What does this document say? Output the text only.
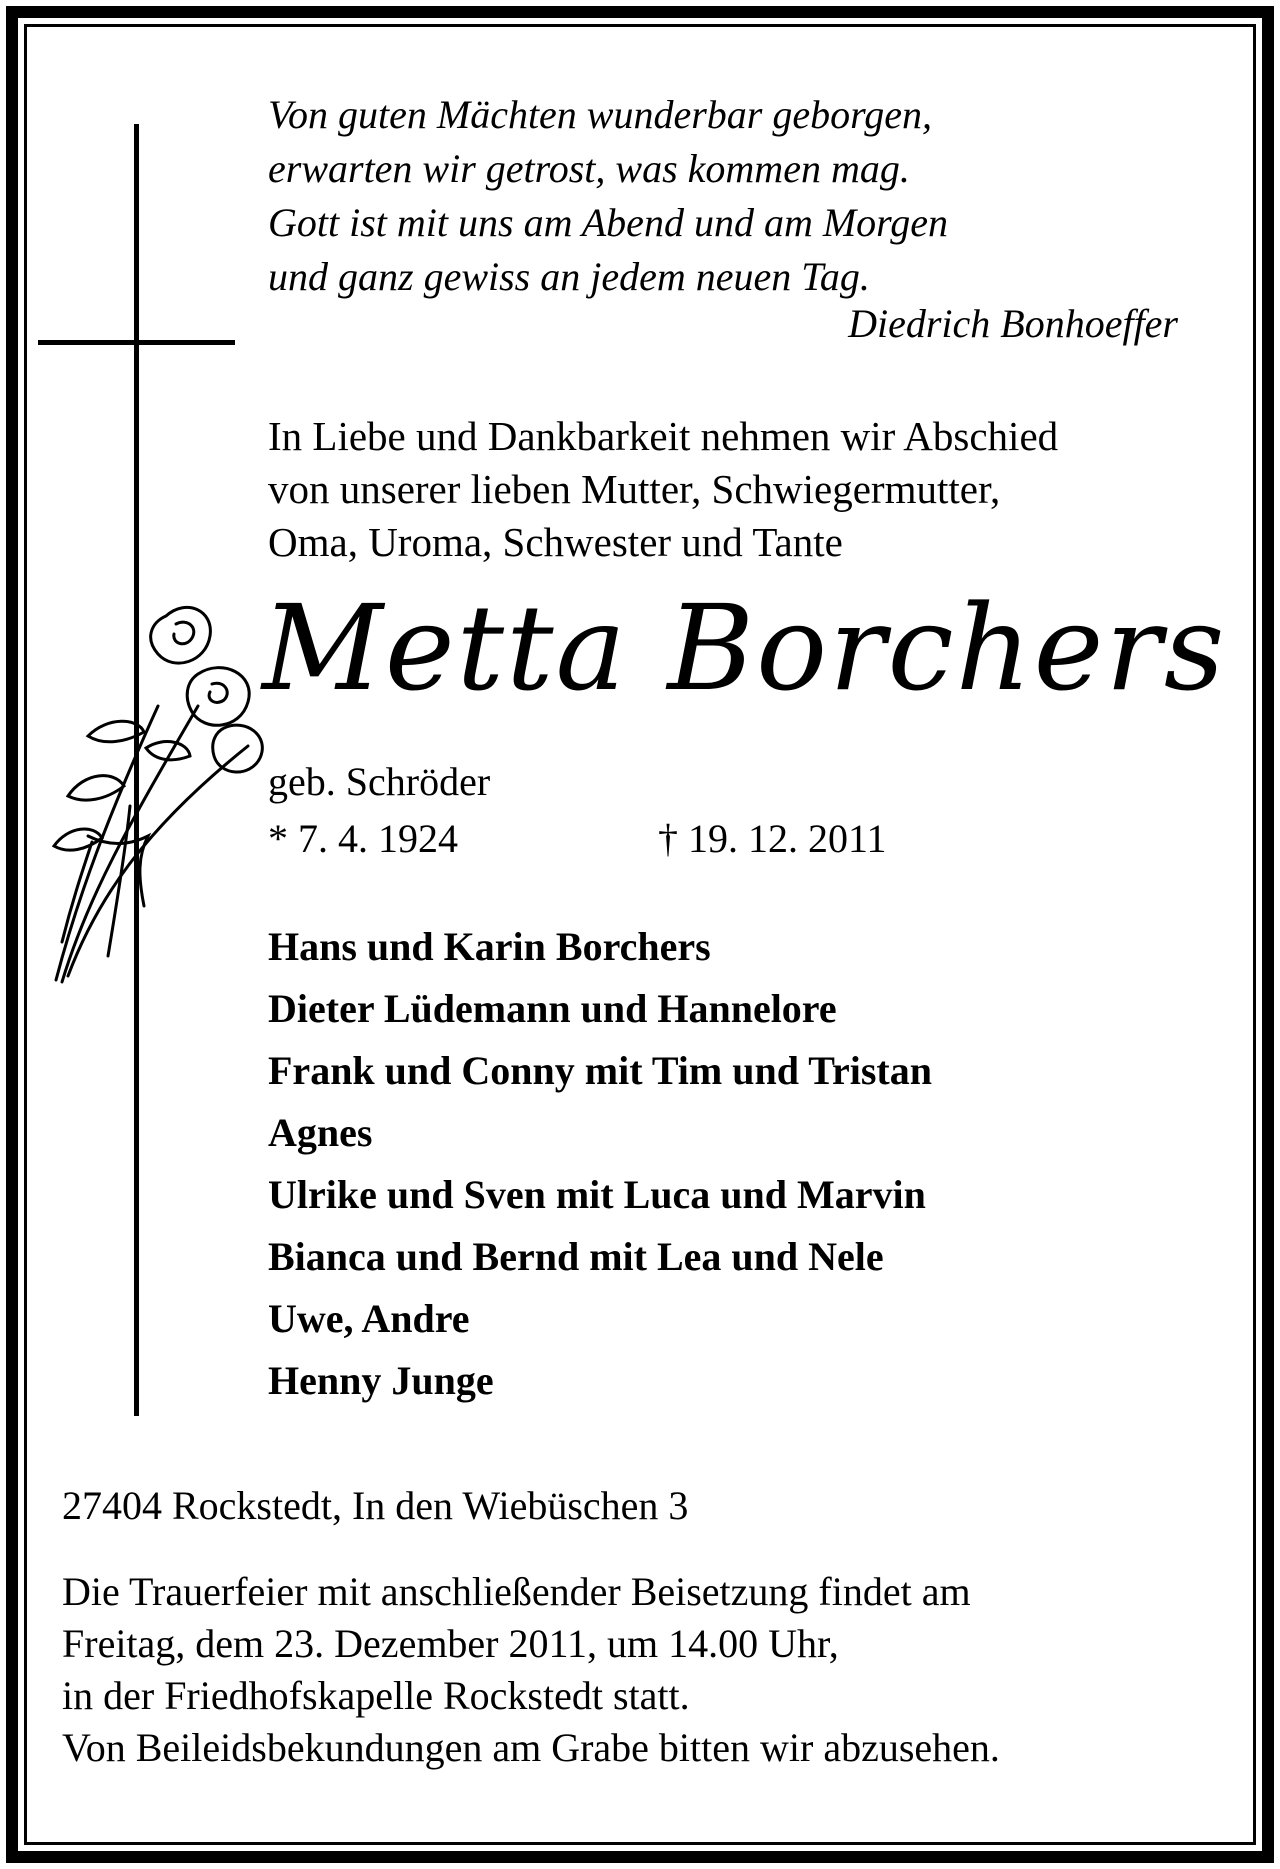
Von guten Mächten wunderbar geborgen,
erwarten wir getrost, was kommen mag.
Gott ist mit uns am Abend und am Morgen
und ganz gewiss an jedem neuen Tag.
Diedrich Bonhoeffer
In Liebe und Dankbarkeit nehmen wir Abschied
von unserer lieben Mutter, Schwiegermutter,
Oma, Uroma, Schwester und Tante
Metta Borchers
geb. Schröder
* 7. 4. 1924	† 19. 12. 2011
Hans und Karin Borchers
Dieter Lüdemann und Hannelore
Frank und Conny mit Tim und Tristan
Agnes
Ulrike und Sven mit Luca und Marvin
Bianca und Bernd mit Lea und Nele
Uwe, Andre
Henny Junge
27404 Rockstedt, In den Wiebüschen 3
Die Trauerfeier mit anschließender Beisetzung findet am
Freitag, dem 23. Dezember 2011, um 14.00 Uhr,
in der Friedhofskapelle Rockstedt statt.
Von Beileidsbekundungen am Grabe bitten wir abzusehen.
